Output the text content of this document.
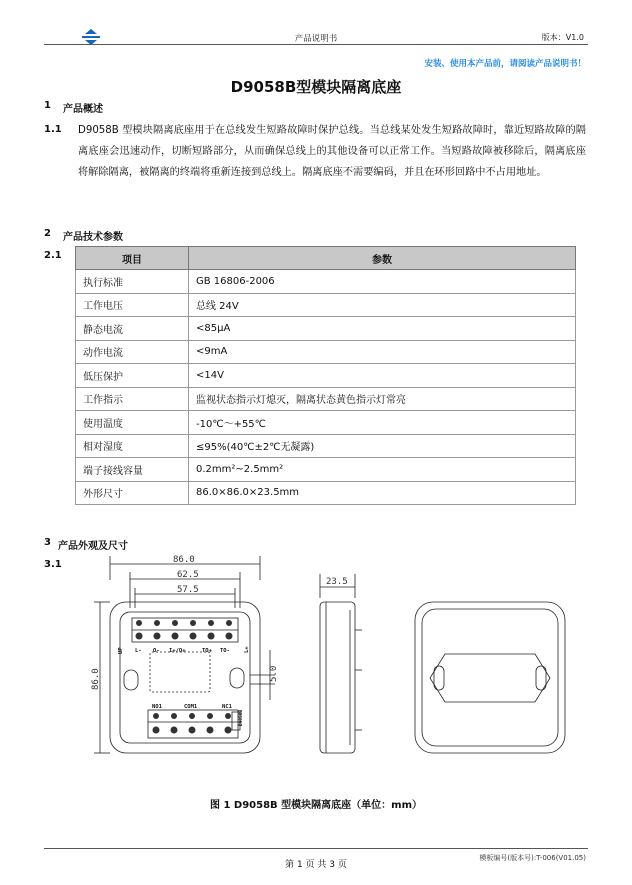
产品说明书	版本：V1.0
安装、使用本产品前，请阅读产品说明书！
D9058B型模块隔离底座
1 产品概述
1.1 D9058B 型模块隔离底座用于在总线发生短路故障时保护总线。当总线某处发生短路故障时，靠近短路故障的隔离底座会迅速动作，切断短路部分，从而确保总线上的其他设备可以正常工作。当短路故障被移除后，隔离底座将解除隔离，被隔离的终端将重新连接到总线上。隔离底座不需要编码，并且在环形回路中不占用地址。
2 产品技术参数
2.1	项目	参数
执行标准	GB 16806-2006
工作电压	总线 24V
静态电流	<85μA
动作电流	<9mA
低压保护	<14V
工作指示	监视状态指示灯熄灭，隔离状态黄色指示灯常亮
使用温度	-10℃～+55℃
相对湿度	≤95%(40℃±2℃无凝露)
端子接线容量	0.2mm²~2.5mm²
外形尺寸	86.0×86.0×23.5mm
3 产品外观及尺寸
3.1	86.0
62.5
57.5
86.0	5.0
23.5
L- O- I+/O+	TO+ TO-
NO1	COM1	NC1
UP	L+
D9058B
图 1 D9058B 型模块隔离底座（单位：mm）
第 1 页 共 3 页
模板编号(版本号):T-006(V01.05)
